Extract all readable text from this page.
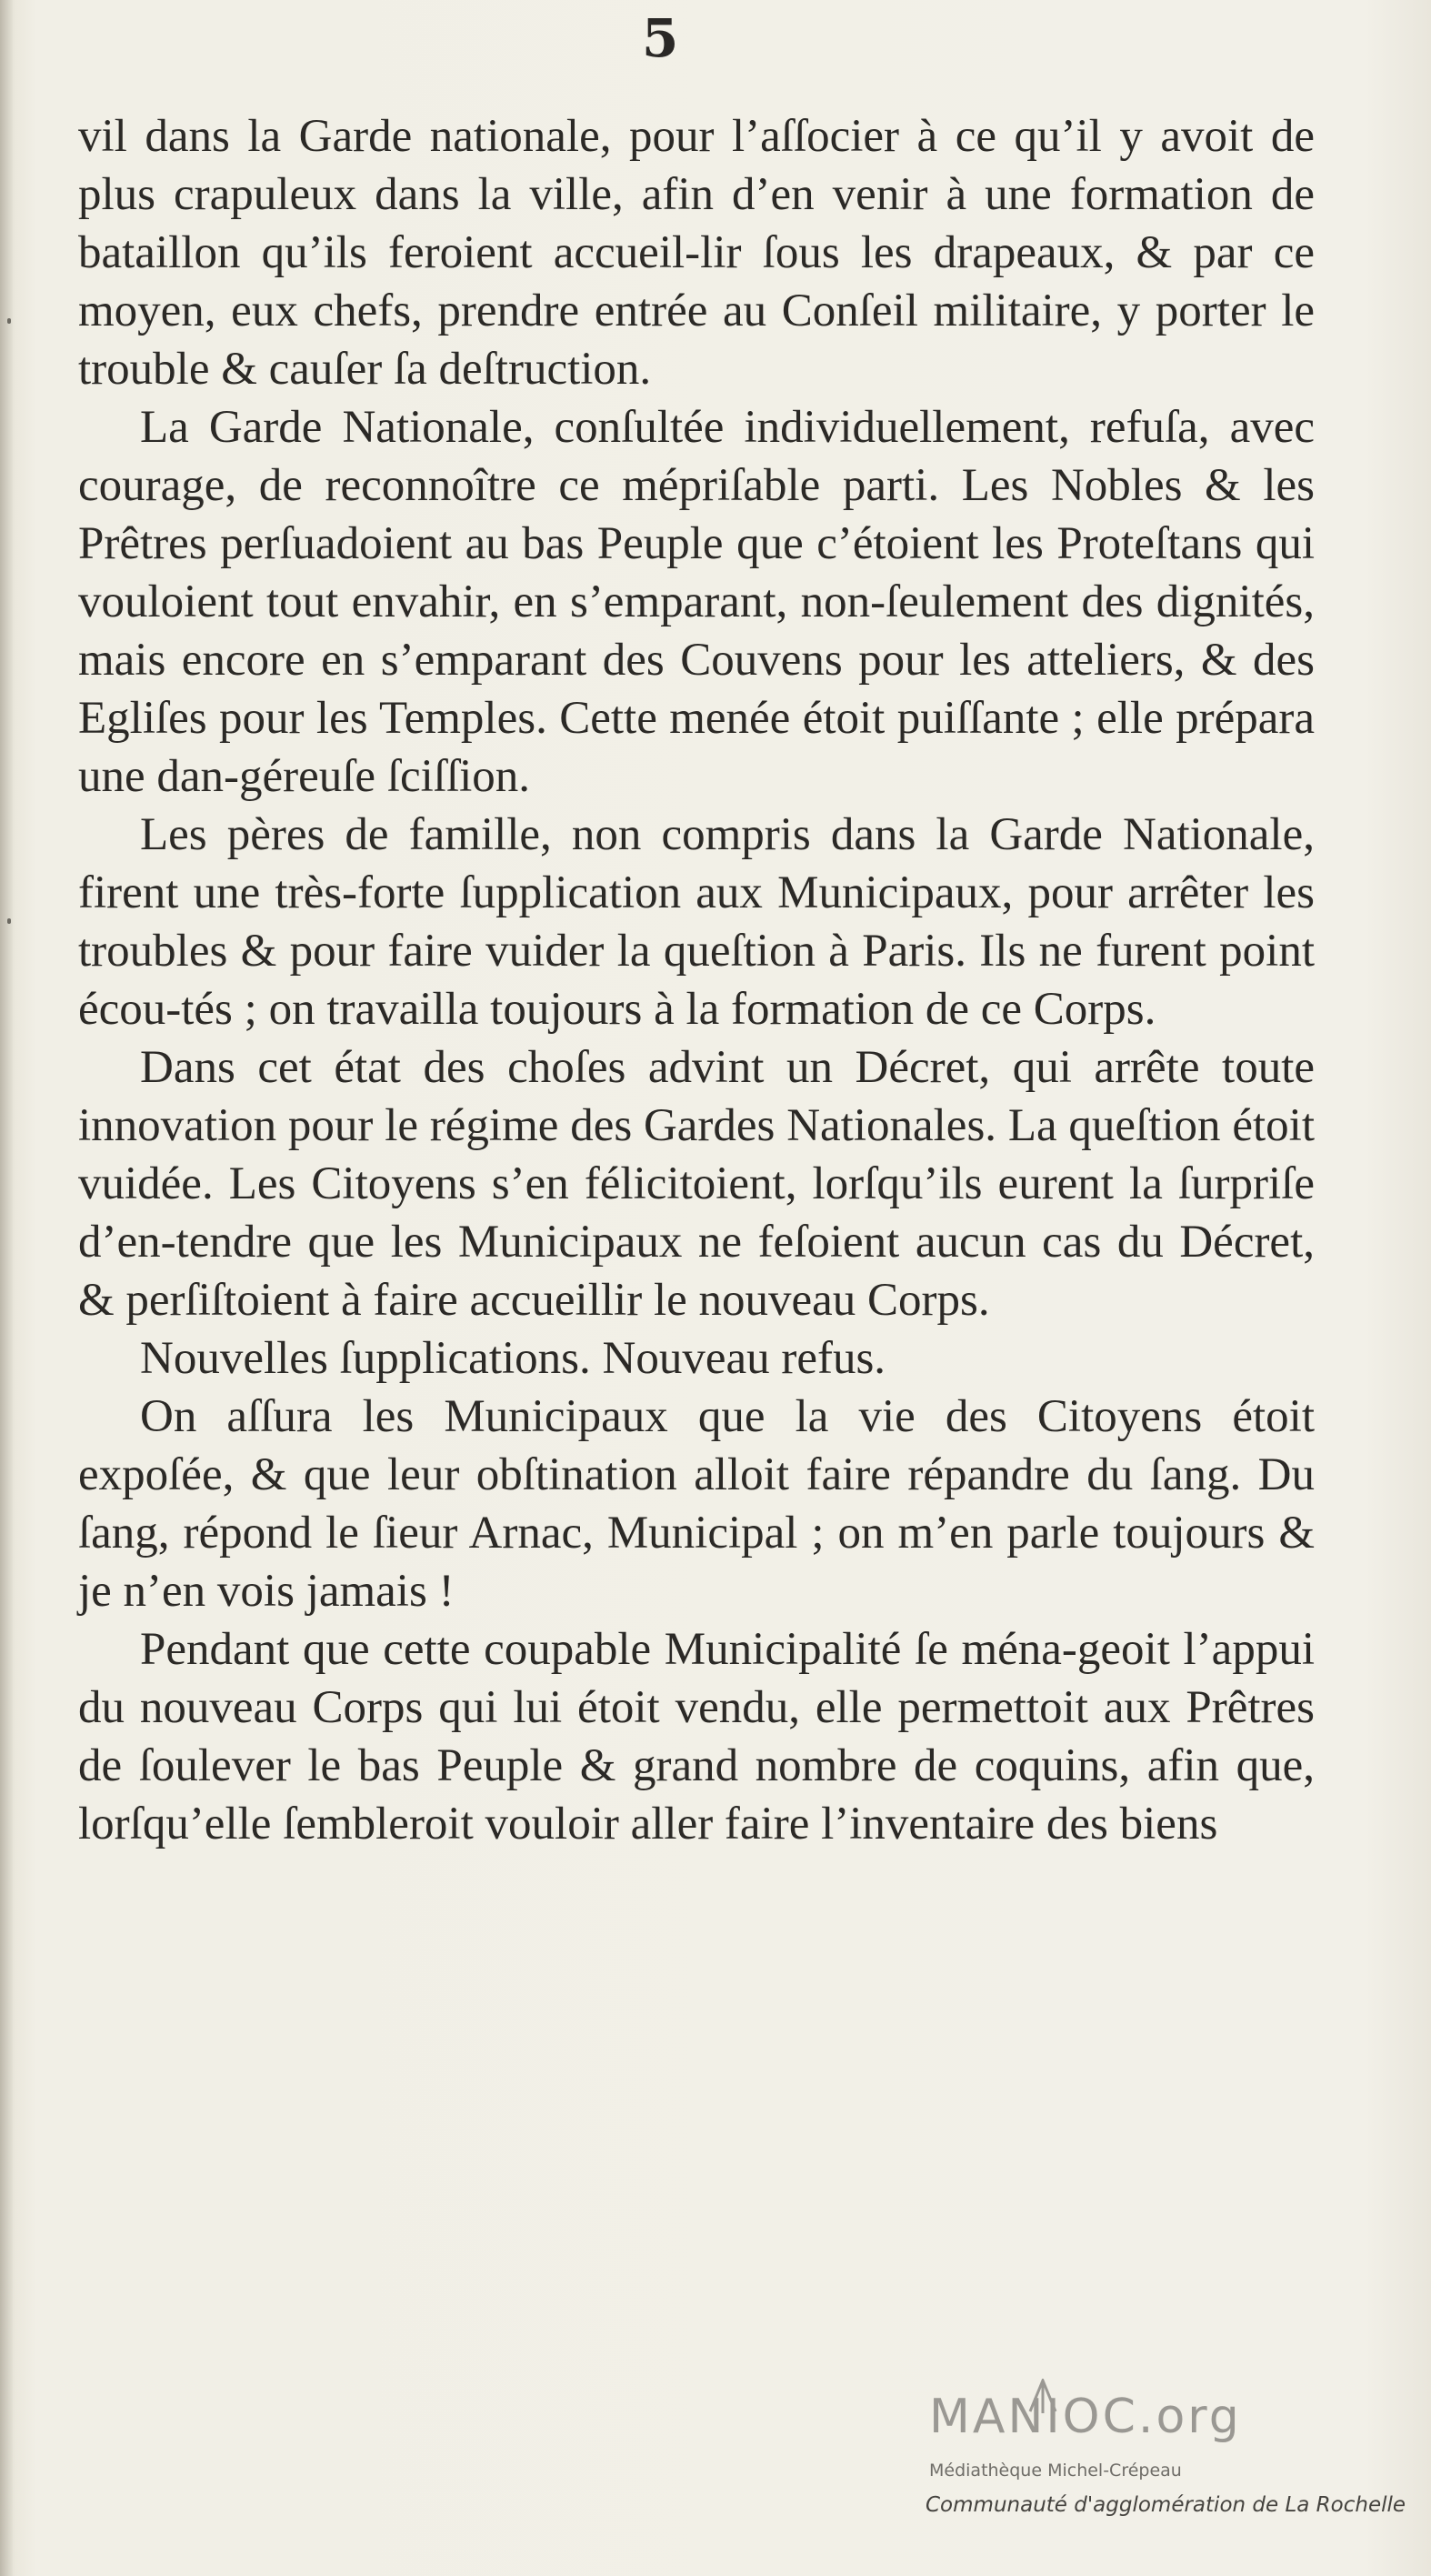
5

vil dans la Garde nationale, pour l’aſſocier à ce qu’il y avoit de plus crapuleux dans la ville, afin d’en venir à une formation de bataillon qu’ils feroient accueil-lir ſous les drapeaux, & par ce moyen, eux chefs, prendre entrée au Conſeil militaire, y porter le trouble & cauſer ſa deſtruction.

La Garde Nationale, conſultée individuellement, refuſa, avec courage, de reconnoître ce mépriſable parti. Les Nobles & les Prêtres perſuadoient au bas Peuple que c’étoient les Proteſtans qui vouloient tout envahir, en s’emparant, non-ſeulement des dignités, mais encore en s’emparant des Couvens pour les atteliers, & des Egliſes pour les Temples. Cette menée étoit puiſſante ; elle prépara une dan-géreuſe ſciſſion.

Les pères de famille, non compris dans la Garde Nationale, firent une très-forte ſupplication aux Municipaux, pour arrêter les troubles & pour faire vuider la queſtion à Paris. Ils ne furent point écou-tés ; on travailla toujours à la formation de ce Corps.

Dans cet état des choſes advint un Décret, qui arrête toute innovation pour le régime des Gardes Nationales. La queſtion étoit vuidée. Les Citoyens s’en félicitoient, lorſqu’ils eurent la ſurpriſe d’en-tendre que les Municipaux ne feſoient aucun cas du Décret, & perſiſtoient à faire accueillir le nouveau Corps.

Nouvelles ſupplications. Nouveau refus.

On aſſura les Municipaux que la vie des Citoyens étoit expoſée, & que leur obſtination alloit faire répandre du ſang. Du ſang, répond le ſieur Arnac, Municipal ; on m’en parle toujours & je n’en vois jamais !

Pendant que cette coupable Municipalité ſe ména-geoit l’appui du nouveau Corps qui lui étoit vendu, elle permettoit aux Prêtres de ſoulever le bas Peuple & grand nombre de coquins, afin que, lorſqu’elle ſembleroit vouloir aller faire l’inventaire des biens

MANIOC.org
Médiathèque Michel-Crépeau
Communauté d'agglomération de La Rochelle
